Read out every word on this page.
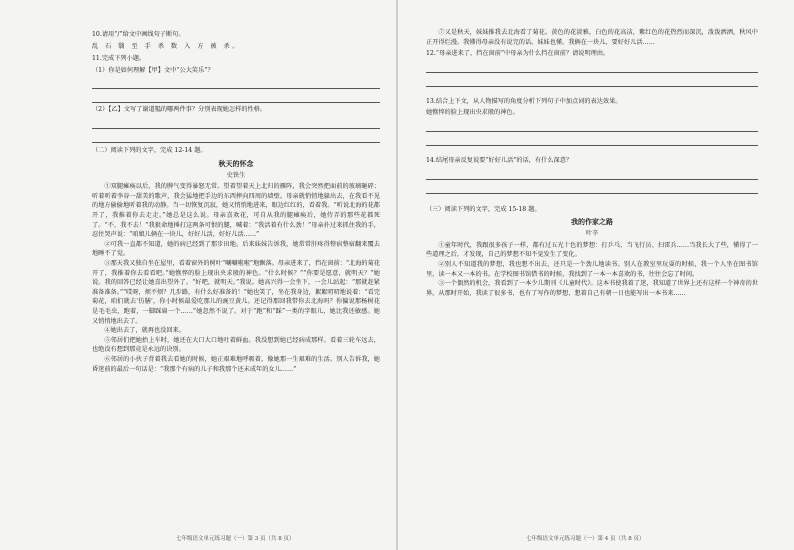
10.请用“/”给文中画线句子断句。

乱 石 翳 至 手 杀 数 入 方 被 杀。

11.完成下列小题。

（1）你是如何理解【甲】文中“公大笑乐”？

（2）【乙】文写了谢道韫的哪两件事？分别表现她怎样的性格。

（二）阅读下列的文字，完成 12-14 题。

秋天的怀念

史铁生

①双腿瘫痪以后，我的脾气变得暴怒无常。望着望着天上北归的雁阵，我会突然把面前的玻璃砸碎；听着听着李谷一甜美的歌声，我会猛地把手边的东西摔向四周的墙壁。母亲就悄悄地躲出去，在我看不见的地方偷偷地听着我的动静。当一切恢复沉寂，她又悄悄地进来，眼边红红的，看着我。“听说北海的花都开了，我推着你去走走。”她总是这么说。母亲喜欢花，可自从我的腿瘫痪后，她侍弄的那些花都死了。“不，我不去！”我狠命地捶打这两条可恨的腿，喊着：“我活着有什么劲！”母亲扑过来抓住我的手，忍住哭声说：“咱娘儿俩在一块儿，好好儿活，好好儿活……”

②可我一直都不知道，她的病已经到了那步田地。后来妹妹告诉我，她常常肝疼得整宿整宿翻来覆去地睡不了觉。

③那天我又独自坐在屋里，看着窗外的树叶“唰唰啦啦”地飘落。母亲进来了，挡在窗前：“北海的菊花开了，我推着你去看看吧。”她憔悴的脸上现出央求般的神色。“什么时候？”“你要是愿意，就明天？”她说。我的回答已经让她喜出望外了。“好吧，就明天。”我说。她高兴得一会坐下，一会儿站起：“那就赶紧准备准备。”“哎呀，烦不烦？几步路，有什么好准备的！”她也笑了，坐在我身边，絮絮叨叨地说着：“看完菊花，咱们就去‘仿膳’，你小时候最爱吃那儿的豌豆黄儿。还记得那回我带你去北海吗？你偏说那杨树花是毛毛虫，跑着，一脚踩扁一个……”她忽然不说了。对于“跑”和“踩”一类的字眼儿，她比我还敏感。她又悄悄地出去了。

④她出去了，就再也没回来。

⑤邻居们把她抬上车时，她还在大口大口地吐着鲜血。我没想到她已经病成那样。看着三轮车远去，也绝没有想到那竟是永远的诀别。

⑥邻居的小伙子背着我去看她的时候，她正艰难地呼吸着，像她那一生艰难的生活。别人告诉我，她昏迷前的最后一句话是：“我那个有病的儿子和我那个还未成年的女儿……”

七年级语文单元练习题（一）第 3 页（共 8 页）

⑦又是秋天，妹妹推我去北海看了菊花。黄色的花淡雅，白色的花高洁，紫红色的花热烈而深沉，泼泼洒洒，秋风中正开得烂漫。我懂得母亲没有说完的话。妹妹也懂。我俩在一块儿，要好好儿活……

12.“母亲进来了，挡在窗前”中母亲为什么挡在窗前？请说明理由。

13.结合上下文，从人物描写的角度分析下列句子中加点词的表达效果。

她憔悴的脸上现出央求般的神色。

14.结尾母亲反复说要“好好儿活”的话，有什么深意？

（三）阅读下列的文字，完成 15-18 题。

我的作家之路

叶辛

①童年时代，我跟很多孩子一样，都有过五光十色的梦想：打乒乓、当飞行员、扫雷兵……当我长大了些，懂得了一些道理之后，才发现，自己的梦想不知不觉发生了变化。

②别人不知道我的梦想，我也想不出去，还只是一个劲儿地读书。别人在教室里玩耍的时候，我一个人坐在图书馆里，读一本又一本的书。在学校图书馆借书的时候，我找到了一本一本喜欢的书，往往会忘了时间。

③一个偶然的机会，我看到了一本少儿期刊《儿童时代》。这本书使我着了迷，我知道了世界上还有这样一个神奇的世界。从那时开始，我读了很多书，也有了写作的梦想，想着自己有朝一日也能写出一本书来……

七年级语文单元练习题（一）第 4 页（共 8 页）
